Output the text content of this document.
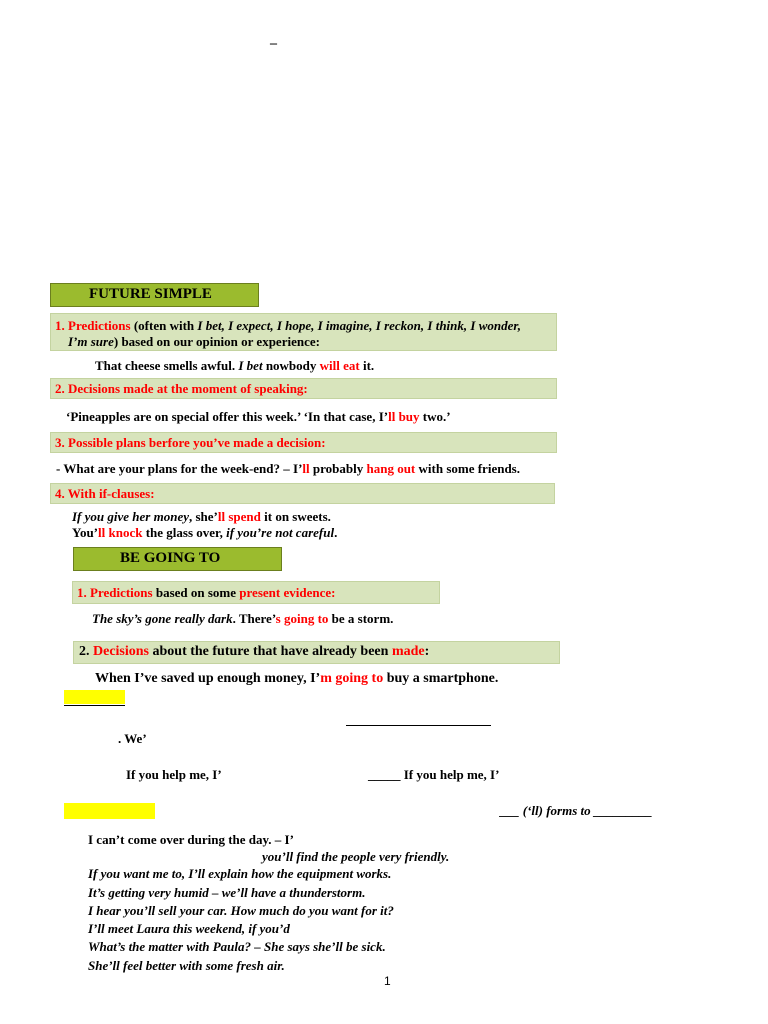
–
FUTURE SIMPLE
1. Predictions (often with I bet, I expect, I hope, I imagine, I reckon, I think, I wonder,
I’m sure) based on our opinion or experience:
That cheese smells awful. I bet nowbody will eat it.
2. Decisions made at the moment of speaking:
‘Pineapples are on special offer this week.’ ‘In that case, I’ll buy two.’
3. Possible plans berfore you’ve made a decision:
- What are your plans for the week-end? – I’ll probably hang out with some friends.
4. With if-clauses:
If you give her money, she’ll spend it on sweets.
You’ll knock the glass over, if you’re not careful.
BE GOING TO
1. Predictions based on some present evidence:
The sky’s gone really dark. There’s going to be a storm.
2. Decisions about the future that have already been made:
When I’ve saved up enough money, I’m going to buy a smartphone.
. We’
If you help me, I’	_____ If you help me, I’
___ (‘ll) forms to _________
I can’t come over during the day. – I’
you’ll find the people very friendly.
If you want me to, I’ll explain how the equipment works.
It’s getting very humid – we’ll have a thunderstorm.
I hear you’ll sell your car. How much do you want for it?
I’ll meet Laura this weekend, if you’d
What’s the matter with Paula? – She says she’ll be sick.
She’ll feel better with some fresh air.
1
